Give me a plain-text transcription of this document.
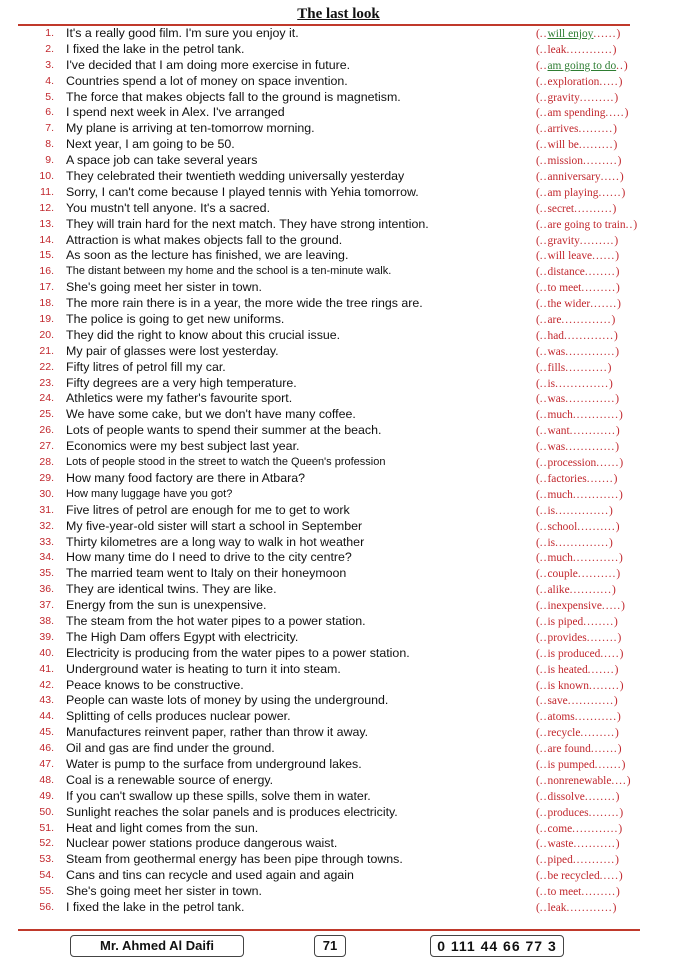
The last look
1. It's a really good film. I'm sure you enjoy it.	(..will enjoy......)
2. I fixed the lake in the petrol tank.	(..leak............)
3. I've decided that I am doing more exercise in future.	(..am going to do..)
4. Countries spend a lot of money on space invention.	(..exploration.....)
5. The force that makes objects fall to the ground is magnetism.	(..gravity.........)
6. I spend next week in Alex. I've arranged	(..am spending.....)
7. My plane is arriving at ten-tomorrow morning.	(..arrives.........)
8. Next year, I am going to be 50.	(..will be.........)
9. A space job can take several years	(..mission.........)
10. They celebrated their twentieth wedding universally yesterday	(..anniversary.....)
11. Sorry, I can't come because I played tennis with Yehia tomorrow.	(..am playing......)
12. You mustn't tell anyone. It's a sacred.	(..secret..........)
13. They will train hard for the next match. They have strong intention.	(..are going to train..)
14. Attraction is what makes objects fall to the ground.	(..gravity.........)
15. As soon as the lecture has finished, we are leaving.	(..will leave......)
16. The distant between my home and the school is a ten-minute walk.	(..distance........)
17. She's going meet her sister in town.	(..to meet.........)
18. The more rain there is in a year, the more wide the tree rings are.	(..the wider.......)
19. The police is going to get new uniforms.	(..are.............)
20. They did the right to know about this crucial issue.	(..had.............)
21. My pair of glasses were lost yesterday.	(..was.............)
22. Fifty litres of petrol fill my car.	(..fills...........)
23. Fifty degrees are a very high temperature.	(..is..............)
24. Athletics were my father's favourite sport.	(..was.............)
25. We have some cake, but we don't have many coffee.	(..much............)
26. Lots of people wants to spend their summer at the beach.	(..want............)
27. Economics were my best subject last year.	(..was.............)
28. Lots of people stood in the street to watch the Queen's profession	(..procession......)
29. How many food factory are there in Atbara?	(..factories.......)
30. How many luggage have you got?	(..much............)
31. Five litres of petrol are enough for me to get to work	(..is..............)
32. My five-year-old sister will start a school in September	(..school..........)
33. Thirty kilometres are a long way to walk in hot weather	(..is..............)
34. How many time do I need to drive to the city centre?	(..much............)
35. The married team went to Italy on their honeymoon	(..couple..........)
36. They are identical twins. They are like.	(..alike...........)
37. Energy from the sun is unexpensive.	(..inexpensive.....)
38. The steam from the hot water pipes to a power station.	(..is piped........)
39. The High Dam offers Egypt with electricity.	(..provides........)
40. Electricity is producing from the water pipes to a power station.	(..is produced.....)
41. Underground water is heating to turn it into steam.	(..is heated.......)
42. Peace knows to be constructive.	(..is known........)
43. People can waste lots of money by using the underground.	(..save............)
44. Splitting of cells produces nuclear power.	(..atoms...........)
45. Manufactures reinvent paper, rather than throw it away.	(..recycle.........)
46. Oil and gas are find under the ground.	(..are found.......)
47. Water is pump to the surface from underground lakes.	(..is pumped.......)
48. Coal is a renewable source of energy.	(..nonrenewable....)
49. If you can't swallow up these spills, solve them in water.	(..dissolve........)
50. Sunlight reaches the solar panels and is produces electricity.	(..produces........)
51. Heat and light comes from the sun.	(..come............)
52. Nuclear power stations produce dangerous waist.	(..waste...........)
53. Steam from geothermal energy has been pipe through towns.	(..piped...........)
54. Cans and tins can recycle and used again and again	(..be recycled.....)
55. She's going meet her sister in town.	(..to meet.........)
56. I fixed the lake in the petrol tank.	(..leak............)
Mr. Ahmed Al Daifi	71	0 111 44 66 77 3
